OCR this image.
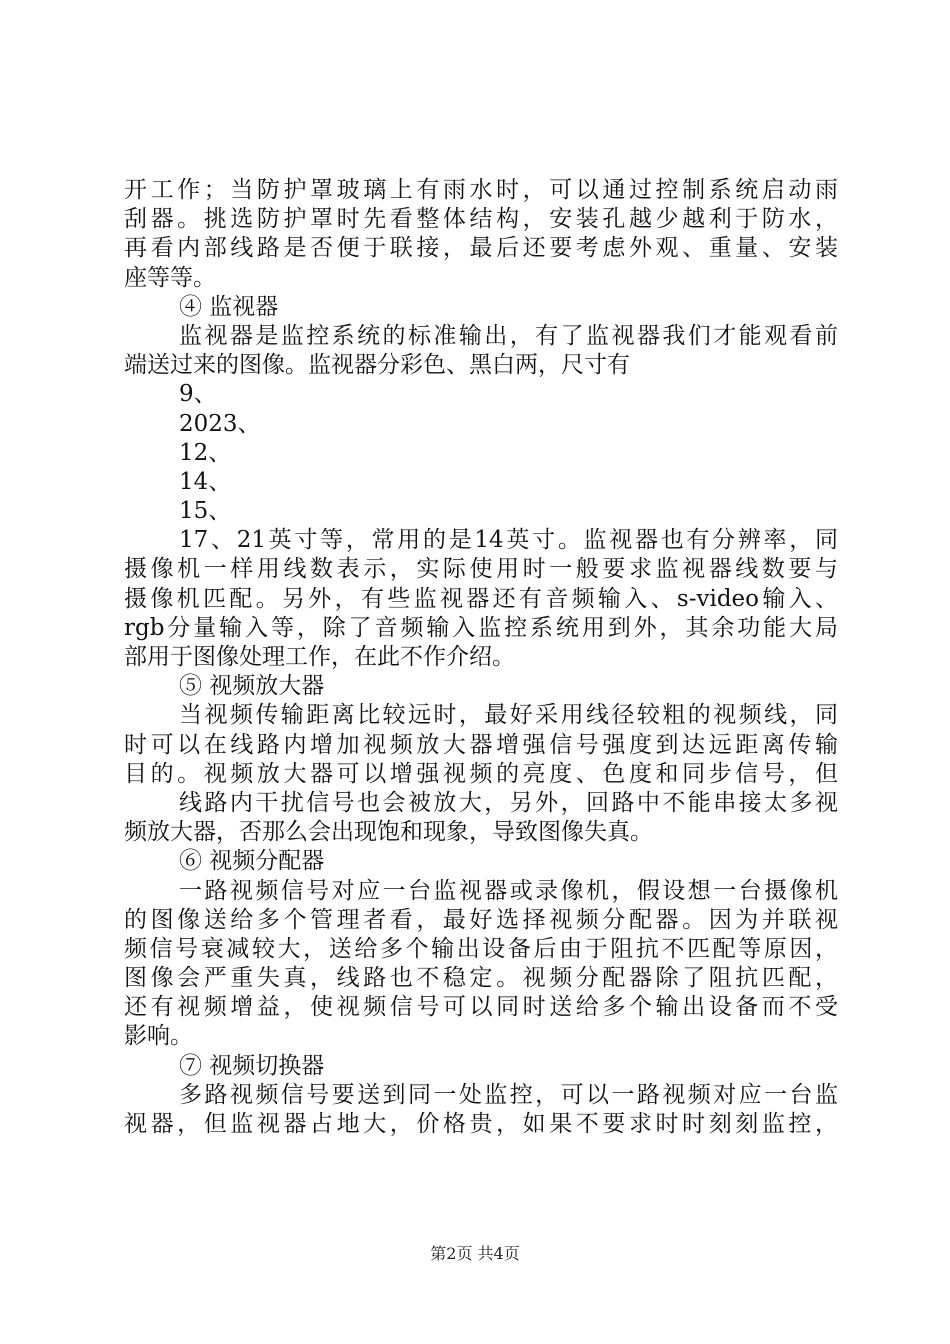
开工作；当防护罩玻璃上有雨水时，可以通过控制系统启动雨
刮器。挑选防护罩时先看整体结构，安装孔越少越利于防水，
再看内部线路是否便于联接，最后还要考虑外观、重量、安装
座等等。
④ 监视器
监视器是监控系统的标准输出，有了监视器我们才能观看前
端送过来的图像。监视器分彩色、黑白两，尺寸有
9、
2023、
12、
14、
15、
17、21英寸等，常用的是14英寸。监视器也有分辨率，同
摄像机一样用线数表示，实际使用时一般要求监视器线数要与
摄像机匹配。另外，有些监视器还有音频输入、s-video输入、
rgb分量输入等，除了音频输入监控系统用到外，其余功能大局
部用于图像处理工作，在此不作介绍。
⑤ 视频放大器
当视频传输距离比较远时，最好采用线径较粗的视频线，同
时可以在线路内增加视频放大器增强信号强度到达远距离传输
目的。视频放大器可以增强视频的亮度、色度和同步信号，但
线路内干扰信号也会被放大，另外，回路中不能串接太多视
频放大器，否那么会出现饱和现象，导致图像失真。
⑥ 视频分配器
一路视频信号对应一台监视器或录像机，假设想一台摄像机
的图像送给多个管理者看，最好选择视频分配器。因为并联视
频信号衰减较大，送给多个输出设备后由于阻抗不匹配等原因，
图像会严重失真，线路也不稳定。视频分配器除了阻抗匹配，
还有视频增益，使视频信号可以同时送给多个输出设备而不受
影响。
⑦ 视频切换器
多路视频信号要送到同一处监控，可以一路视频对应一台监
视器，但监视器占地大，价格贵，如果不要求时时刻刻监控，
第2页 共4页
